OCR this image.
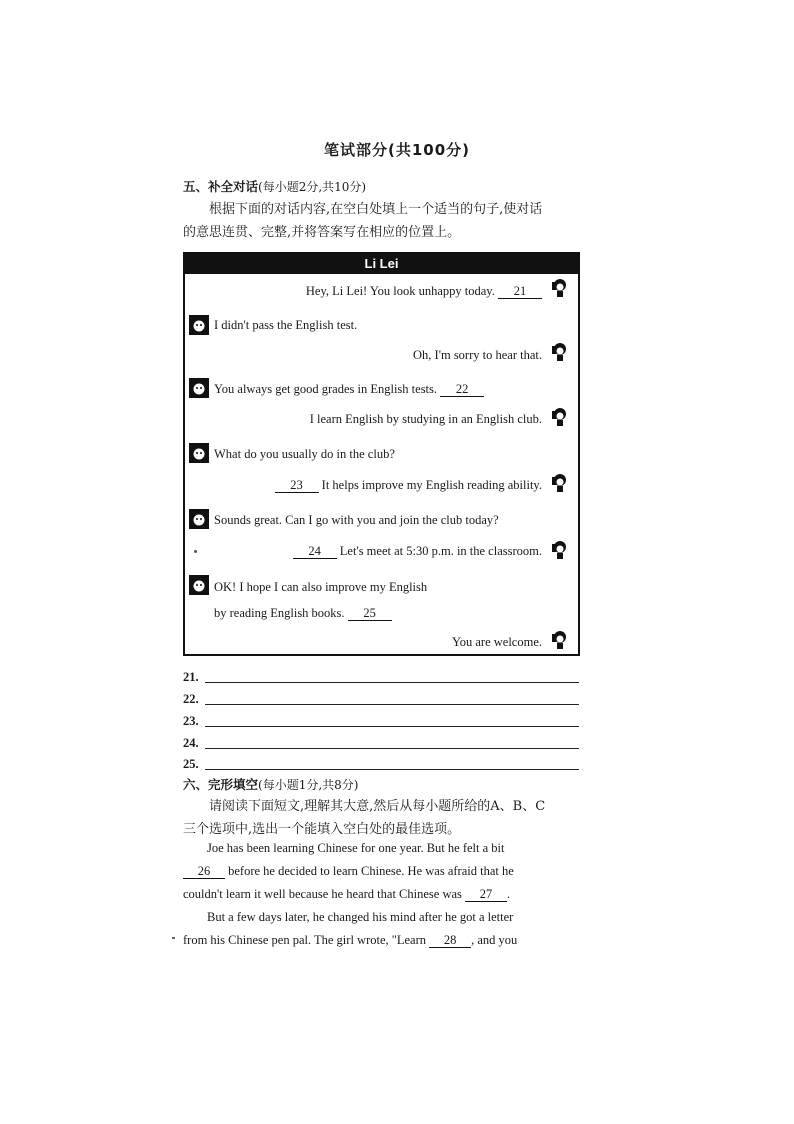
笔试部分(共100分)
五、补全对话(每小题2分,共10分)
根据下面的对话内容,在空白处填上一个适当的句子,使对话
的意思连贯、完整,并将答案写在相应的位置上。
Li Lei
Hey, Li Lei! You look unhappy today. 21
I didn't pass the English test.
Oh, I'm sorry to hear that.
You always get good grades in English tests. 22
I learn English by studying in an English club.
What do you usually do in the club?
23 It helps improve my English reading ability.
Sounds great. Can I go with you and join the club today?
24 Let's meet at 5:30 p.m. in the classroom.
OK! I hope I can also improve my English
by reading English books. 25
You are welcome.
21.
22.
23.
24.
25.
六、完形填空(每小题1分,共8分)
请阅读下面短文,理解其大意,然后从每小题所给的A、B、C
三个选项中,选出一个能填入空白处的最佳选项。
Joe has been learning Chinese for one year. But he felt a bit
26 before he decided to learn Chinese. He was afraid that he
couldn't learn it well because he heard that Chinese was 27 .
But a few days later, he changed his mind after he got a letter
from his Chinese pen pal. The girl wrote, "Learn 28 , and you
